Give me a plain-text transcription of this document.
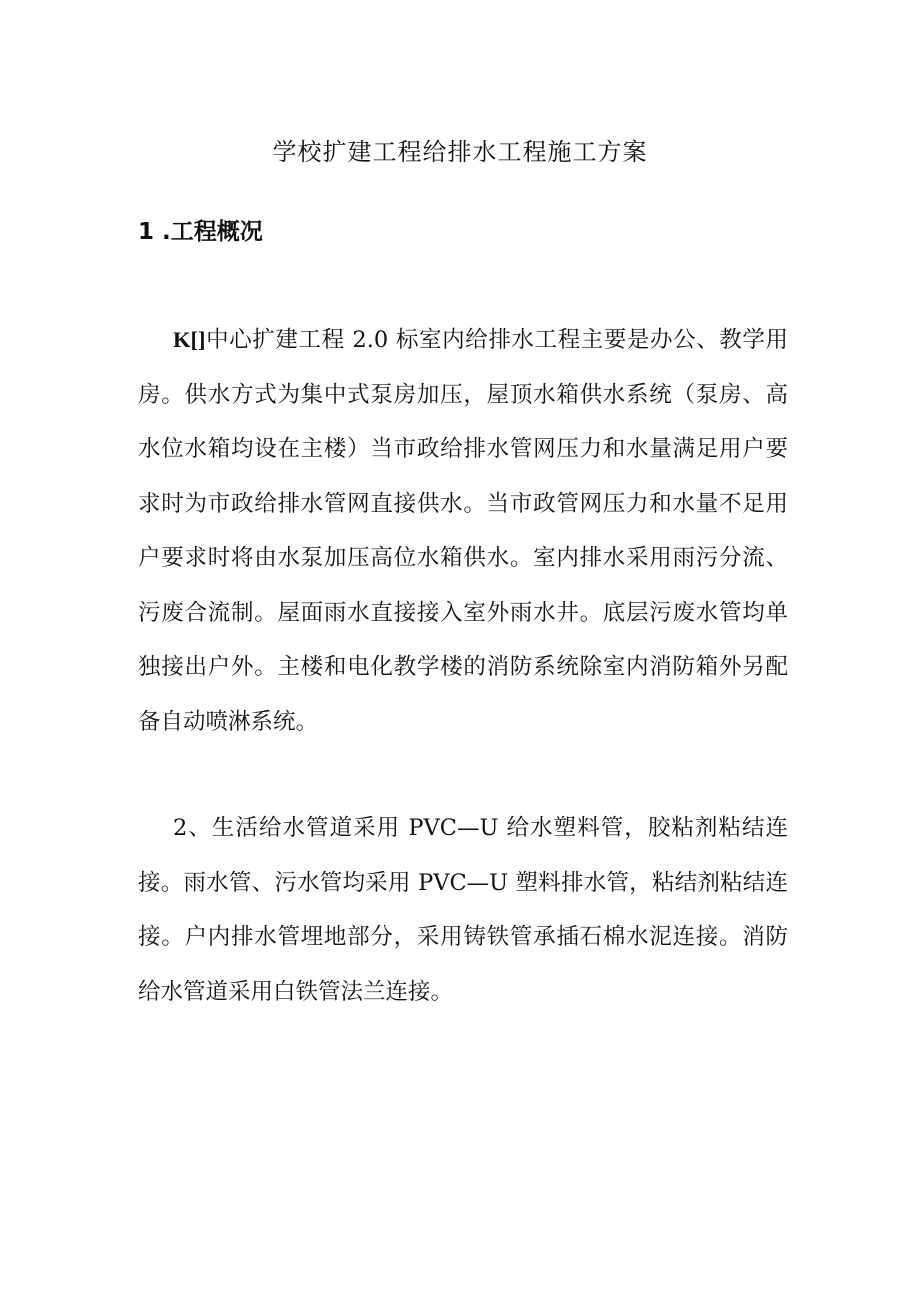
学校扩建工程给排水工程施工方案
1 .工程概况

K[]中心扩建工程 2.0 标室内给排水工程主要是办公、教学用房。供水方式为集中式泵房加压，屋顶水箱供水系统（泵房、高水位水箱均设在主楼）当市政给排水管网压力和水量满足用户要求时为市政给排水管网直接供水。当市政管网压力和水量不足用户要求时将由水泵加压高位水箱供水。室内排水采用雨污分流、污废合流制。屋面雨水直接接入室外雨水井。底层污废水管均单独接出户外。主楼和电化教学楼的消防系统除室内消防箱外另配备自动喷淋系统。

2、生活给水管道采用 PVC—U 给水塑料管，胶粘剂粘结连接。雨水管、污水管均采用 PVC—U 塑料排水管，粘结剂粘结连接。户内排水管埋地部分，采用铸铁管承插石棉水泥连接。消防给水管道采用白铁管法兰连接。
